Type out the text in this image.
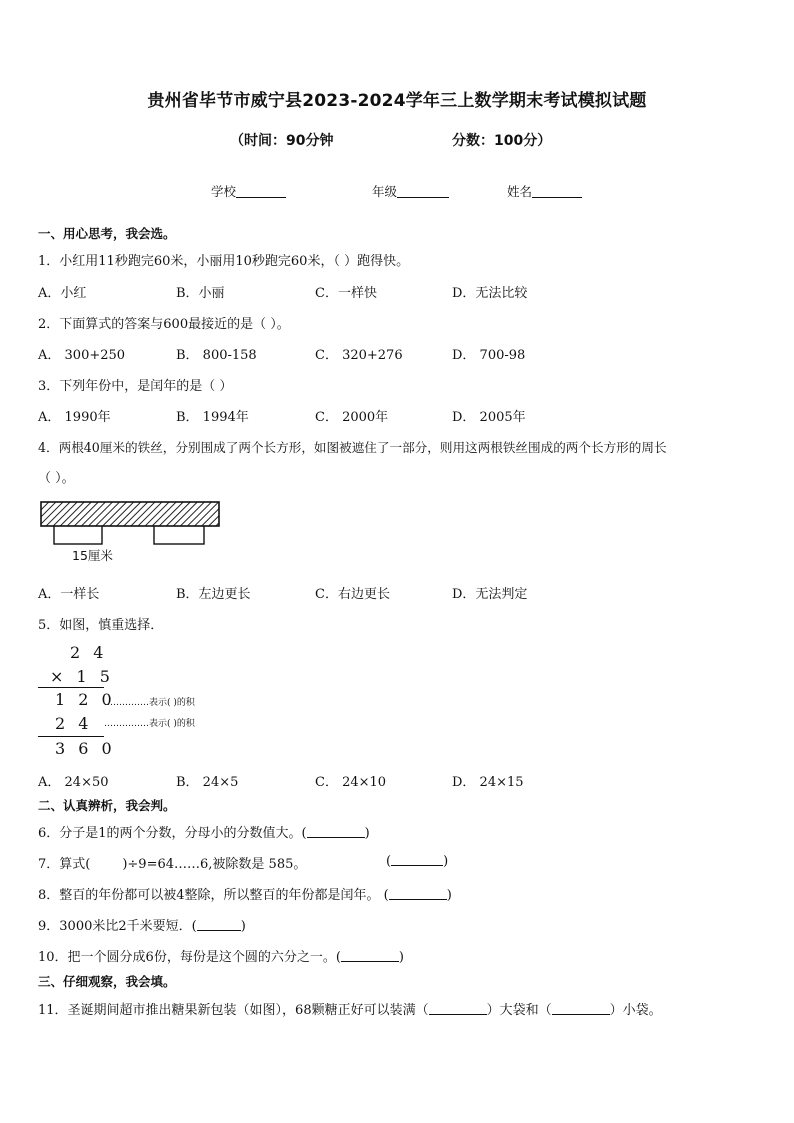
贵州省毕节市威宁县2023-2024学年三上数学期末考试模拟试题
（时间：90分钟	分数：100分）
学校	年级	姓名
一、用心思考，我会选。
1．小红用11秒跑完60米，小丽用10秒跑完60米，（ ）跑得快。
A．小红	B．小丽	C．一样快	D．无法比较
2．下面算式的答案与600最接近的是（ ）。
A． 300+250	B． 800-158	C． 320+276	D． 700-98
3．下列年份中，是闰年的是（ ）
A． 1990年	B． 1994年	C． 2000年	D． 2005年
4．两根40厘米的铁丝，分别围成了两个长方形，如图被遮住了一部分，则用这两根铁丝围成的两个长方形的周长
（ ）。
15厘米
A．一样长	B．左边更长	C．右边更长	D．无法判定
5．如图，慎重选择．
2 4
× 1 5
1 2 0
……………表示( )的积
2 4 ……………表示( )的积
3 6 0
A． 24×50	B． 24×5	C． 24×10	D． 24×15
二、认真辨析，我会判。
6．分子是1的两个分数，分母小的分数值大。(	)
7．算式( )÷9=64……6,被除数是 585。	(	)
8．整百的年份都可以被4整除，所以整百的年份都是闰年。 (	)
9．3000米比2千米要短．(	)
10．把一个圆分成6份，每份是这个圆的六分之一。(	)
三、仔细观察，我会填。
11．圣诞期间超市推出糖果新包装（如图），68颗糖正好可以装满（	）大袋和（	）小袋。
